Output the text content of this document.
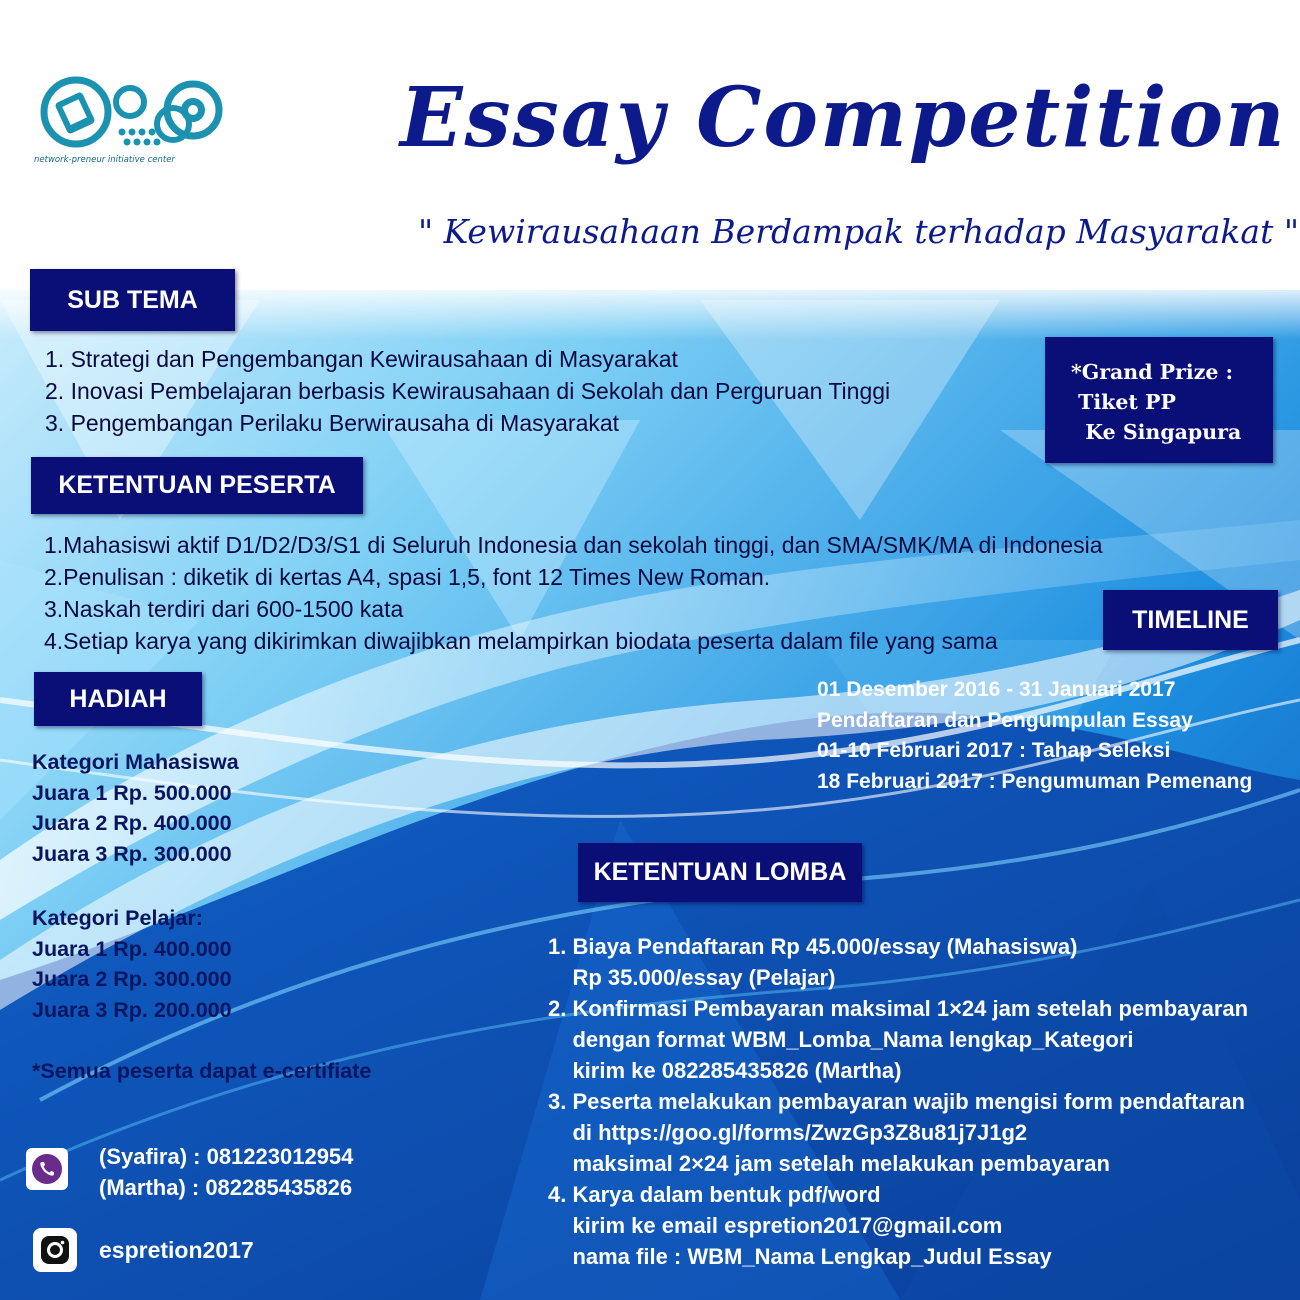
network-preneur initiative center	Essay Competition
" Kewirausahaan Berdampak terhadap Masyarakat "
SUB TEMA
1. Strategi dan Pengembangan Kewirausahaan di Masyarakat
2. Inovasi Pembelajaran berbasis Kewirausahaan di Sekolah dan Perguruan Tinggi
3. Pengembangan Perilaku Berwirausaha di Masyarakat
*Grand Prize :
Tiket PP
Ke Singapura
KETENTUAN PESERTA
1.Mahasiswi aktif D1/D2/D3/S1 di Seluruh Indonesia dan sekolah tinggi, dan SMA/SMK/MA di Indonesia
2.Penulisan : diketik di kertas A4, spasi 1,5, font 12 Times New Roman.
3.Naskah terdiri dari 600-1500 kata
4.Setiap karya yang dikirimkan diwajibkan melampirkan biodata peserta dalam file yang sama
TIMELINE
01 Desember 2016 - 31 Januari 2017
Pendaftaran dan Pengumpulan Essay
01-10 Februari 2017 : Tahap Seleksi
18 Februari 2017 : Pengumuman Pemenang
HADIAH
Kategori Mahasiswa
Juara 1 Rp. 500.000
Juara 2 Rp. 400.000
Juara 3 Rp. 300.000
Kategori Pelajar:
Juara 1 Rp. 400.000
Juara 2 Rp. 300.000
Juara 3 Rp. 200.000
*Semua peserta dapat e-certifiate
KETENTUAN LOMBA
1. Biaya Pendaftaran Rp 45.000/essay (Mahasiswa)
Rp 35.000/essay (Pelajar)
2. Konfirmasi Pembayaran maksimal 1×24 jam setelah pembayaran
dengan format WBM_Lomba_Nama lengkap_Kategori
kirim ke 082285435826 (Martha)
3. Peserta melakukan pembayaran wajib mengisi form pendaftaran
di https://goo.gl/forms/ZwzGp3Z8u81j7J1g2
maksimal 2×24 jam setelah melakukan pembayaran
4. Karya dalam bentuk pdf/word
kirim ke email espretion2017@gmail.com
nama file : WBM_Nama Lengkap_Judul Essay
(Syafira) : 081223012954
(Martha) : 082285435826
espretion2017
